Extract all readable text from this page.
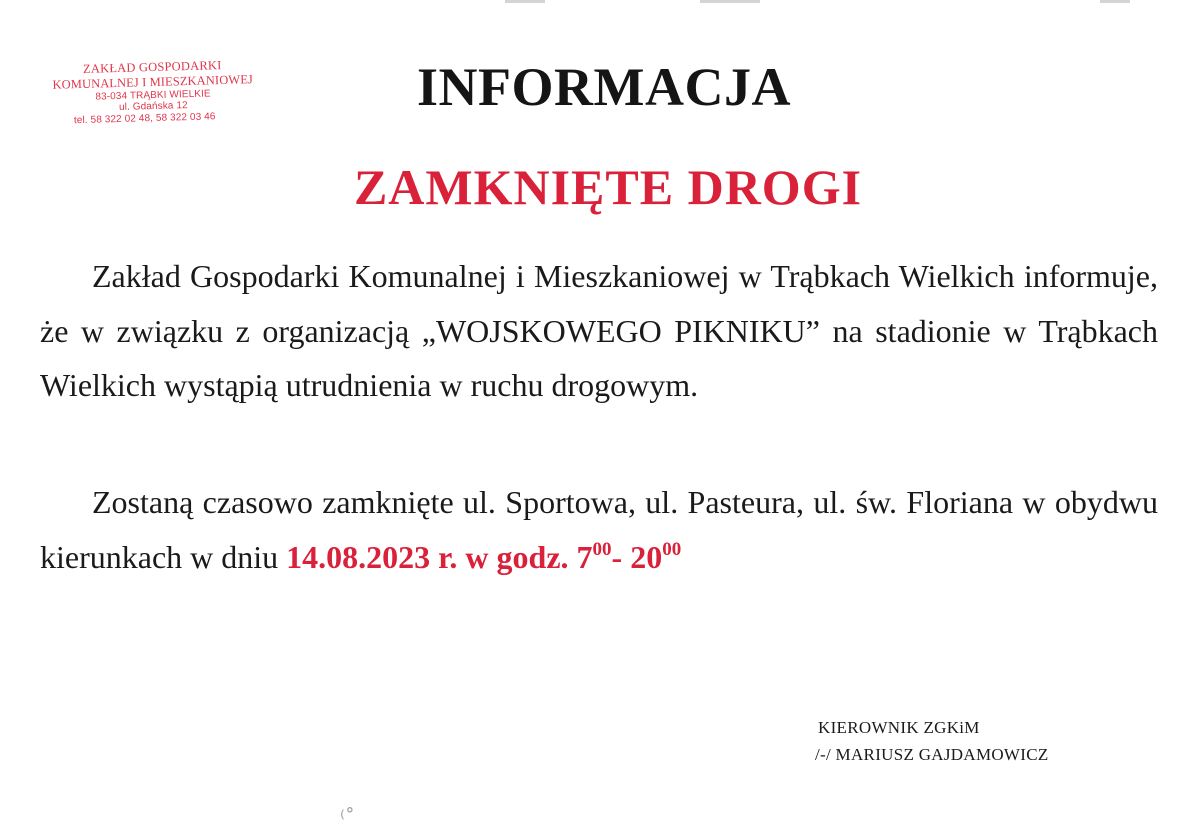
ZAKŁAD GOSPODARKI
KOMUNALNEJ I MIESZKANIOWEJ
83-034 TRĄBKI WIELKIE
ul. Gdańska 12
tel. 58 322 02 48, 58 322 03 46
INFORMACJA
ZAMKNIĘTE DROGI

Zakład Gospodarki Komunalnej i Mieszkaniowej w Trąbkach Wielkich informuje, że w związku z organizacją „WOJSKOWEGO PIKNIKU” na stadionie w Trąbkach Wielkich wystąpią utrudnienia w ruchu drogowym.

Zostaną czasowo zamknięte ul. Sportowa, ul. Pasteura, ul. św. Floriana w obydwu kierunkach w dniu 14.08.2023 r. w godz. $7^{00}-$ $20^{00}$

KIEROWNIK ZGKiM
/-/ MARIUSZ GAJDAMOWICZ
⁽˚
